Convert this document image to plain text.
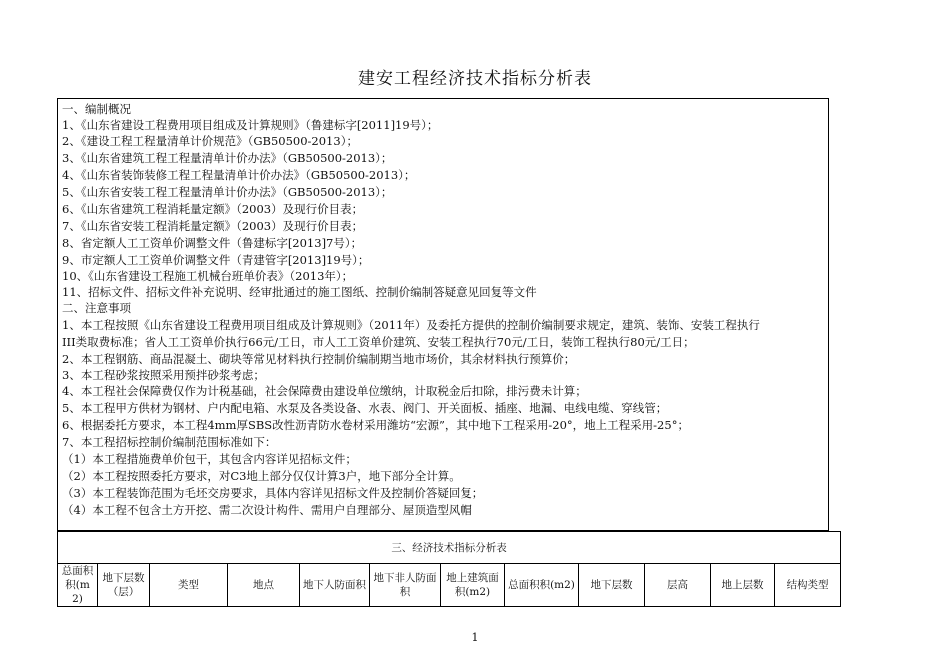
建安工程经济技术指标分析表
一、编制概况
1、《山东省建设工程费用项目组成及计算规则》（鲁建标字[2011]19号）；
2、《建设工程工程量清单计价规范》（GB50500-2013）；
3、《山东省建筑工程工程量清单计价办法》（GB50500-2013）；
4、《山东省装饰装修工程工程量清单计价办法》（GB50500-2013）；
5、《山东省安装工程工程量清单计价办法》（GB50500-2013）；
6、《山东省建筑工程消耗量定额》（2003）及现行价目表；
7、《山东省安装工程消耗量定额》（2003）及现行价目表；
8、省定额人工工资单价调整文件（鲁建标字[2013]7号）；
9、市定额人工工资单价调整文件（青建管字[2013]19号）；
10、《山东省建设工程施工机械台班单价表》（2013年）；
11、招标文件、招标文件补充说明、经审批通过的施工图纸、控制价编制答疑意见回复等文件
二、注意事项
1、本工程按照《山东省建设工程费用项目组成及计算规则》（2011年）及委托方提供的控制价编制要求规定，建筑、装饰、安装工程执行
III类取费标准；省人工工资单价执行66元/工日，市人工工资单价建筑、安装工程执行70元/工日，装饰工程执行80元/工日；
2、本工程钢筋、商品混凝土、砌块等常见材料执行控制价编制期当地市场价，其余材料执行预算价；
3、本工程砂浆按照采用预拌砂浆考虑；
4、本工程社会保障费仅作为计税基础，社会保障费由建设单位缴纳，计取税金后扣除，排污费未计算；
5、本工程甲方供材为钢材、户内配电箱、水泵及各类设备、水表、阀门、开关面板、插座、地漏、电线电缆、穿线管；
6、根据委托方要求，本工程4mm厚SBS改性沥青防水卷材采用潍坊“宏源”，其中地下工程采用-20°，地上工程采用-25°；
7、本工程招标控制价编制范围标准如下：
（1）本工程措施费单价包干，其包含内容详见招标文件；
（2）本工程按照委托方要求，对C3地上部分仅仅计算3户，地下部分全计算。
（3）本工程装饰范围为毛坯交房要求，具体内容详见招标文件及控制价答疑回复；
（4）本工程不包含土方开挖、需二次设计构件、需用户自理部分、屋顶造型风帽
三、经济技术指标分析表
总面积积(m2)	地下层数（层）	类型	地点	地下人防面积	地下非人防面积	地上建筑面积(m2)	总面积积(m2)	地下层数	层高	地上层数	结构类型
1
